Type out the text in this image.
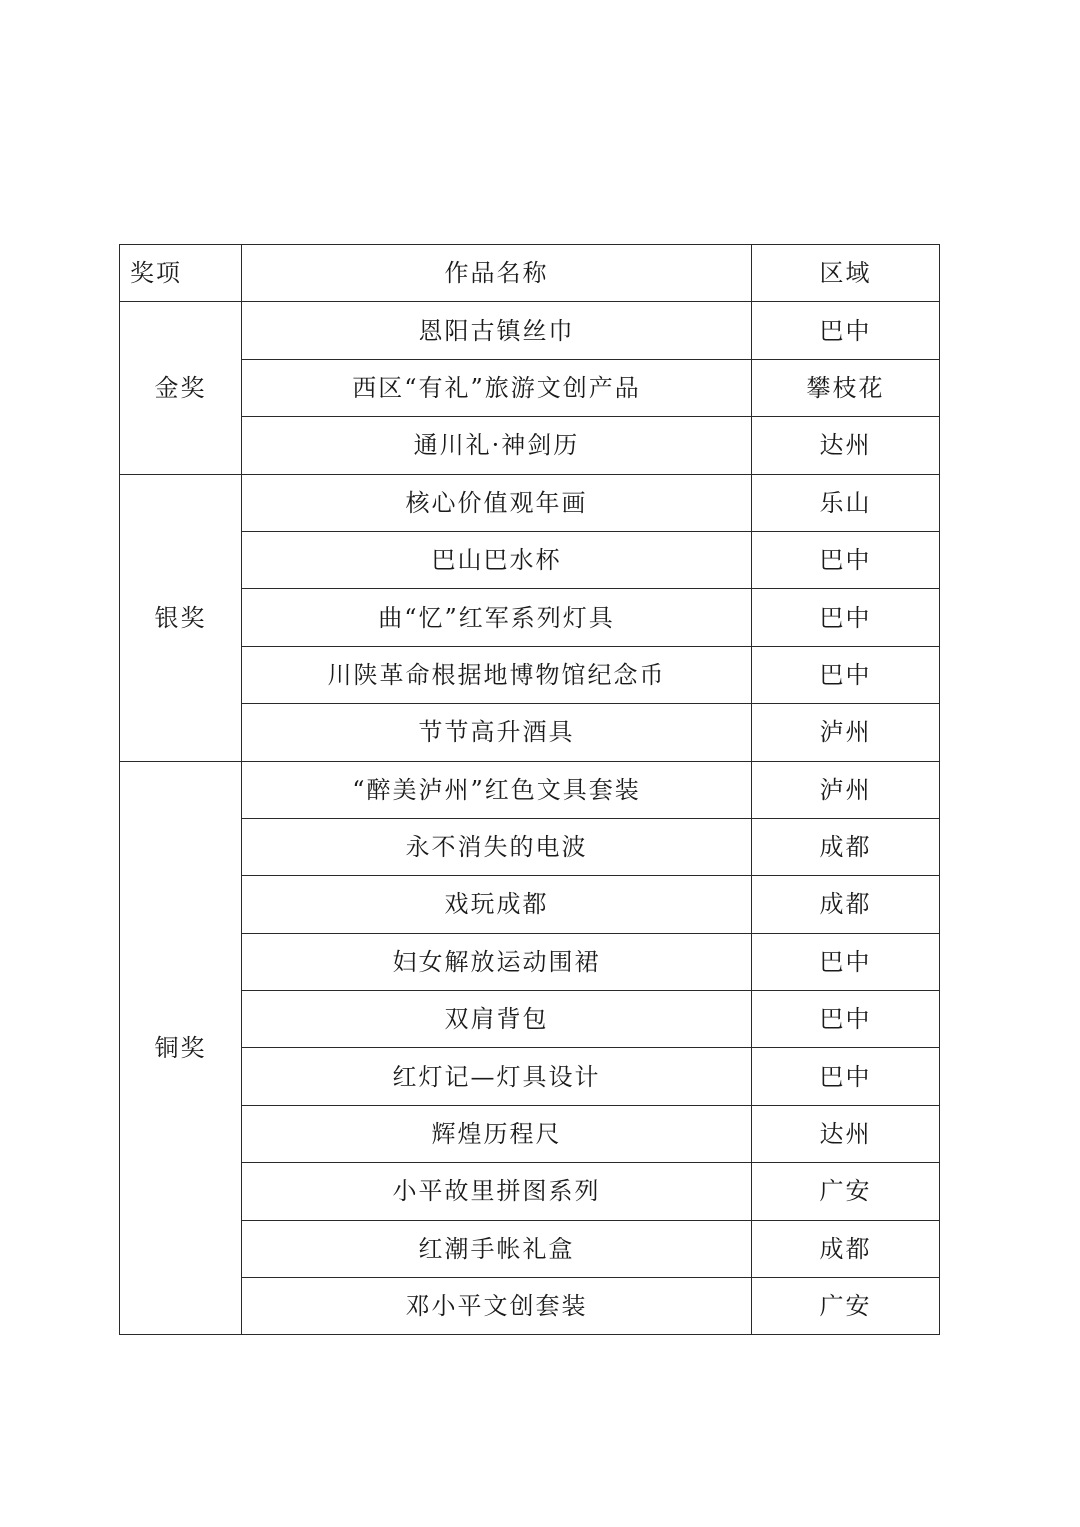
奖项	作品名称	区域
金奖	恩阳古镇丝巾	巴中
	西区“有礼”旅游文创产品	攀枝花
	通川礼·神剑历	达州
银奖	核心价值观年画	乐山
	巴山巴水杯	巴中
	曲“忆”红军系列灯具	巴中
	川陕革命根据地博物馆纪念币	巴中
	节节高升酒具	泸州
铜奖	“醉美泸州”红色文具套装	泸州
	永不消失的电波	成都
	戏玩成都	成都
	妇女解放运动围裙	巴中
	双肩背包	巴中
	红灯记—灯具设计	巴中
	辉煌历程尺	达州
	小平故里拼图系列	广安
	红潮手帐礼盒	成都
	邓小平文创套装	广安
